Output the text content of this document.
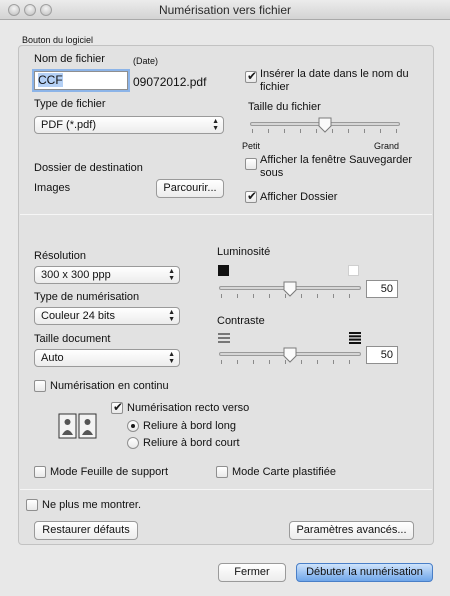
Numérisation vers fichier
Bouton du logiciel
Nom de fichier	(Date)
CCF	09072012.pdf
Type de fichier
PDF (*.pdf)	▲
▼
✔
Insérer la date dans le nom du fichier
Taille du fichier
Petit	Grand
Dossier de destination
Images	Parcourir...
Afficher la fenêtre Sauvegarder sous
✔
Afficher Dossier
Résolution
300 x 300 ppp	▲
▼
Type de numérisation
Couleur 24 bits	▲
▼
Taille document
Auto	▲
▼
Luminosité
50
Contraste
50
Numérisation en continu
✔
Numérisation recto verso
Reliure à bord long
Reliure à bord court
Mode Feuille de support	Mode Carte plastifiée
Ne plus me montrer.
Restaurer défauts	Paramètres avancés...
Fermer	Débuter la numérisation
